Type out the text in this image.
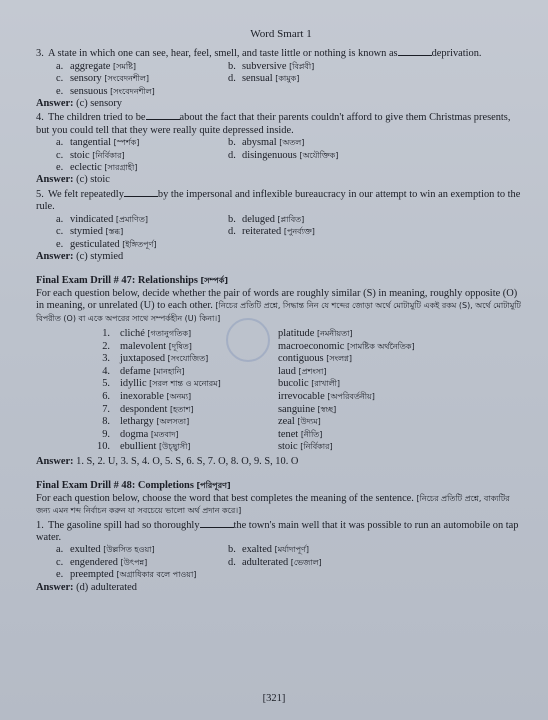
Word Smart 1

3. A state in which one can see, hear, feel, smell, and taste little or nothing is known as	deprivation.

a. aggregate [সমষ্টি]	b. subversive [বিপ্লবী]
c. sensory [সংবেদনশীল]	d. sensual [কামুক]
e. sensuous [সংবেদনশীল]
Answer: (c) sensory

4. The children tried to be	about the fact that their parents couldn't afford to give them Christmas presents, but you could tell that they were really quite depressed inside.

a. tangential [স্পর্শক]	b. abysmal [অতল]
c. stoic [নির্বিকার]	d. disingenuous [অযৌক্তিক]
e. eclectic [সারগ্রাহী]
Answer: (c) stoic

5. We felt repeatedly	by the impersonal and inflexible bureaucracy in our attempt to win an exemption to the rule.

a. vindicated [প্রমাণিত]	b. deluged [প্লাবিত]
c. stymied [স্তব্ধ]	d. reiterated [পুনর্ব্যক্ত]
e. gesticulated [ইঙ্গিতপূর্ণ]
Answer: (c) stymied
Final Exam Drill # 47: Relationships [সম্পর্ক]

For each question below, decide whether the pair of words are roughly similar (S) in meaning, roughly opposite (O) in meaning, or unrelated (U) to each other. [নিচের প্রতিটি প্রশ্নে, সিদ্ধান্ত নিন যে শব্দের জোড়া অর্থে মোটামুটি একই রকম (S), অর্থে মোটামুটি বিপরীত (O) বা একে অপরের সাথে সম্পর্কহীন (U) কিনা।]

1. cliché [গতানুগতিক]	platitude [নমনীয়তা]
2. malevolent [দূষিত]	macroeconomic [সামষ্টিক অর্থনৈতিক]
3. juxtaposed [সংযোজিত]	contiguous [সংলগ্ন]
4. defame [মানহানি]	laud [প্রশংসা]
5. idyllic [সরল শান্ত ও মনোরম]	bucolic [রাখালী]
6. inexorable [অনম্য]	irrevocable [অপরিবর্তনীয়]
7. despondent [হতাশ]	sanguine [স্বচ্ছ]
8. lethargy [অলসতা]	zeal [উদ্যম]
9. dogma [মতবাদ]	tenet [নীতি]
10. ebullient [উচ্ছ্বাসী]	stoic [নির্বিকার]
Answer: 1. S, 2. U, 3. S, 4. O, 5. S, 6. S, 7. O, 8. O, 9. S, 10. O
Final Exam Drill # 48: Completions [পরিপূরণ]

For each question below, choose the word that best completes the meaning of the sentence. [নিচের প্রতিটি প্রশ্নে, বাক্যটির জন্য এমন শব্দ নির্বাচন করুন যা সবচেয়ে ভালো অর্থ প্রদান করে।]

1. The gasoline spill had so thoroughly	the town's main well that it was possible to run an automobile on tap water.

a. exulted [উল্লসিত হওয়া]	b. exalted [মর্যাদাপূর্ণ]
c. engendered [উৎপন্ন]	d. adulterated [ভেজাল]
e. preempted [অগ্রাধিকার বলে পাওয়া]
Answer: (d) adulterated
[321]
